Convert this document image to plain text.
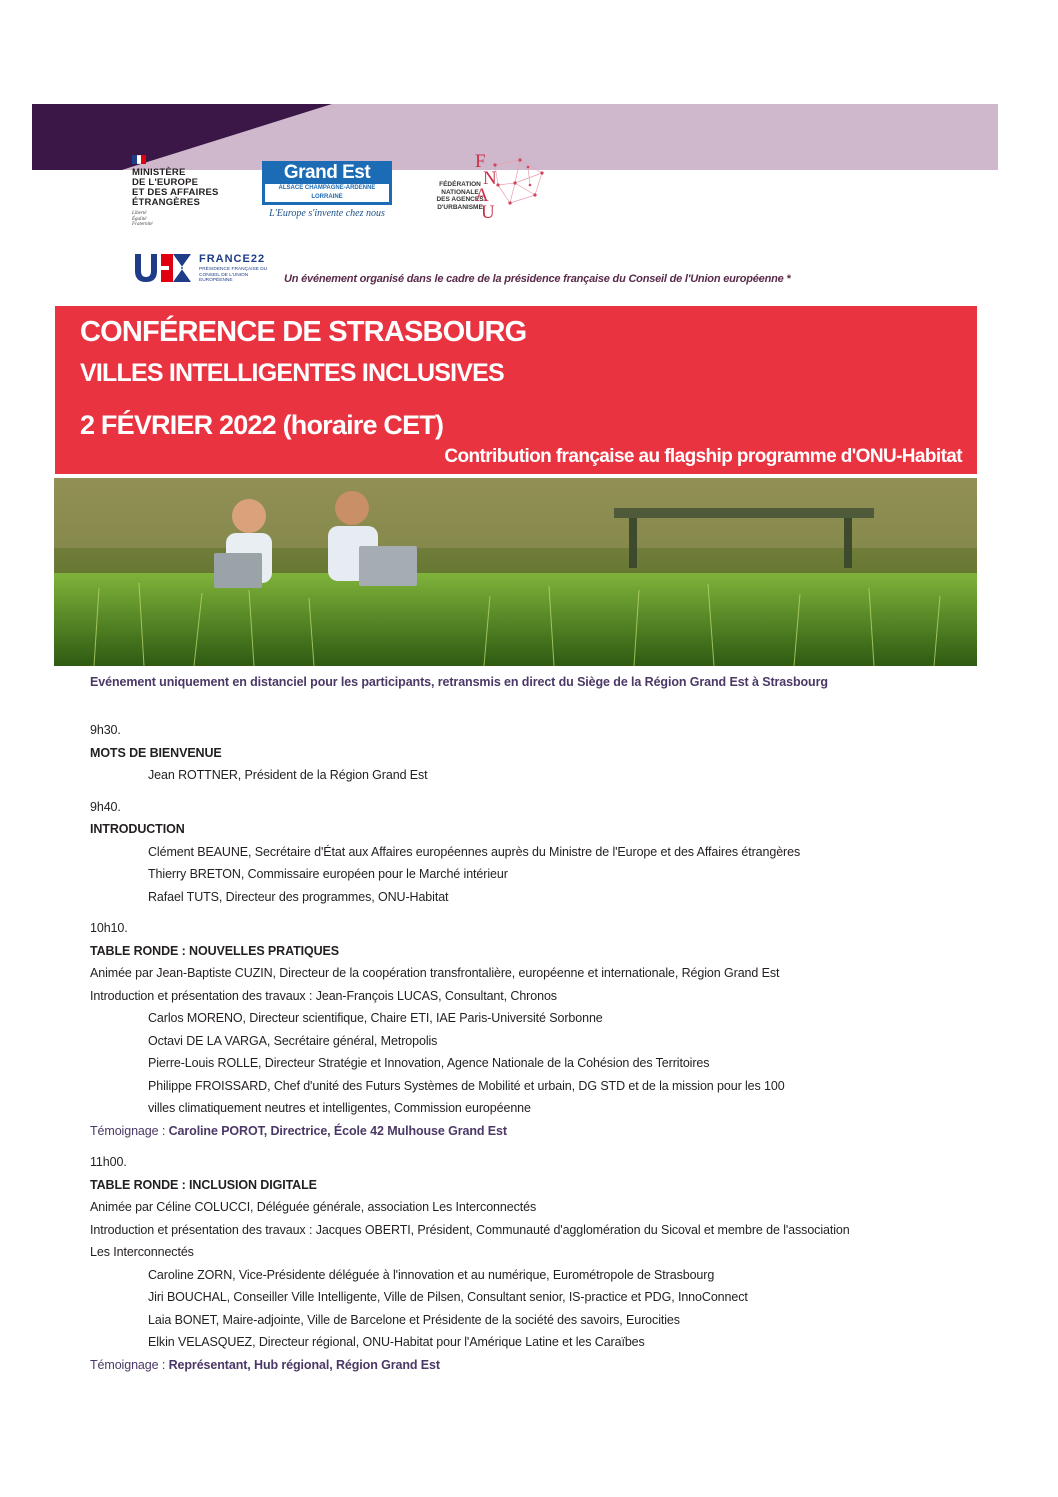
MINISTÈRE
DE L'EUROPE
ET DES AFFAIRES
ÉTRANGÈRES
Liberté
Égalité
Fraternité
Grand Est
ALSACE CHAMPAGNE-ARDENNE LORRAINE
L'Europe s'invente chez nous
FÉDÉRATION
NATIONALE
DES AGENCES
D'URBANISME
F
N
A
U
FRANCE22
PRÉSIDENCE FRANÇAISE DU CONSEIL DE L'UNION EUROPÉENNE	Un événement organisé dans le cadre de la présidence française du Conseil de l'Union européenne *
CONFÉRENCE DE STRASBOURG
VILLES INTELLIGENTES INCLUSIVES
2 FÉVRIER 2022 (horaire CET)
Contribution française au flagship programme d'ONU-Habitat
Evénement uniquement en distanciel pour les participants, retransmis en direct du Siège de la Région Grand Est à Strasbourg
9h30.
MOTS DE BIENVENUE
Jean ROTTNER, Président de la Région Grand Est
9h40.
INTRODUCTION
Clément BEAUNE, Secrétaire d'État aux Affaires européennes auprès du Ministre de l'Europe et des Affaires étrangères
Thierry BRETON, Commissaire européen pour le Marché intérieur
Rafael TUTS, Directeur des programmes, ONU-Habitat
10h10.
TABLE RONDE : NOUVELLES PRATIQUES
Animée par Jean-Baptiste CUZIN, Directeur de la coopération transfrontalière, européenne et internationale, Région Grand Est
Introduction et présentation des travaux : Jean-François LUCAS, Consultant, Chronos
Carlos MORENO, Directeur scientifique, Chaire ETI, IAE Paris-Université Sorbonne
Octavi DE LA VARGA, Secrétaire général, Metropolis
Pierre-Louis ROLLE, Directeur Stratégie et Innovation, Agence Nationale de la Cohésion des Territoires
Philippe FROISSARD, Chef d'unité des Futurs Systèmes de Mobilité et urbain, DG STD et de la mission pour les 100
villes climatiquement neutres et intelligentes, Commission européenne
Témoignage : Caroline POROT, Directrice, École 42 Mulhouse Grand Est
11h00.
TABLE RONDE : INCLUSION DIGITALE
Animée par Céline COLUCCI, Déléguée générale, association Les Interconnectés
Introduction et présentation des travaux : Jacques OBERTI, Président, Communauté d'agglomération du Sicoval et membre de l'association
Les Interconnectés
Caroline ZORN, Vice-Présidente déléguée à l'innovation et au numérique, Eurométropole de Strasbourg
Jiri BOUCHAL, Conseiller Ville Intelligente, Ville de Pilsen, Consultant senior, IS-practice et PDG, InnoConnect
Laia BONET, Maire-adjointe, Ville de Barcelone et Présidente de la société des savoirs, Eurocities
Elkin VELASQUEZ, Directeur régional, ONU-Habitat pour l'Amérique Latine et les Caraïbes
Témoignage : Représentant, Hub régional, Région Grand Est
